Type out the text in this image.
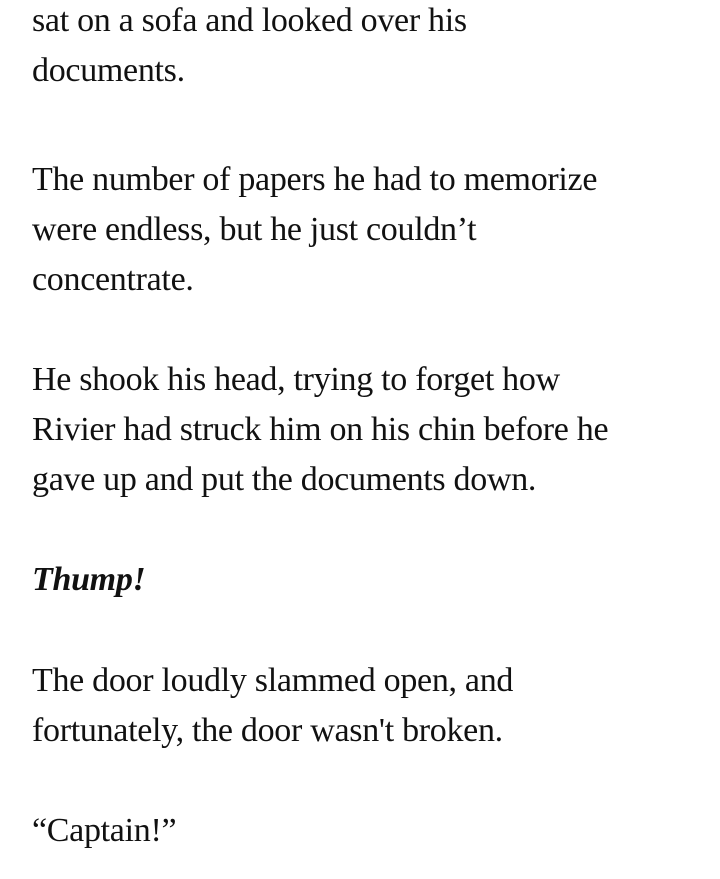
sat on a sofa and looked over his
documents.

The number of papers he had to memorize
were endless, but he just couldn’t
concentrate.

He shook his head, trying to forget how
Rivier had struck him on his chin before he
gave up and put the documents down.

Thump!

The door loudly slammed open, and
fortunately, the door wasn't broken.

“Captain!”
